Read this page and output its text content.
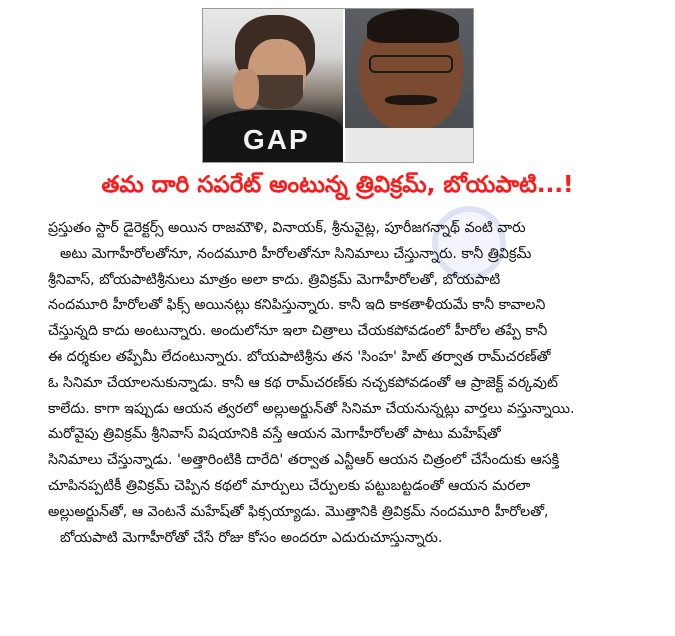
GAP
తమ దారి సపరేట్ అంటున్న త్రివిక్రమ్, బోయపాటి...!

ప్రస్తుతం స్టార్ డైరెక్టర్స్ అయిన రాజమౌళి, వినాయక్, శ్రీనువైట్ల, పూరీజగన్నాథ్ వంటి వారు
అటు మెగాహీరోలతోనూ, నందమూరి హీరోలతోనూ సినిమాలు చేస్తున్నారు. కానీ త్రివిక్రమ్
శ్రీనివాస్, బోయపాటిశ్రీనులు మాత్రం అలా కాదు. త్రివిక్రమ్ మెగాహీరోలతో, బోయపాటి
నందమూరి హీరోలతో ఫిక్స్ అయినట్లు కనిపిస్తున్నారు. కానీ ఇది కాకతాళీయమే కానీ కావాలని
చేస్తున్నది కాదు అంటున్నారు. అందులోనూ ఇలా చిత్రాలు చేయకపోవడంలో హీరోల తప్పే కానీ
ఈ దర్శకుల తప్పేమీ లేదంటున్నారు. బోయపాటిశ్రీను తన 'సింహ' హిట్ తర్వాత రామ్‌చరణ్‌తో
ఓ సినిమా చేయాలనుకున్నాడు. కానీ ఆ కథ రామ్‌చరణ్‌కు నచ్చకపోవడంతో ఆ ప్రాజెక్ట్ వర్కవుట్
కాలేదు. కాగా ఇప్పుడు ఆయన త్వరలో అల్లుఅర్జున్‌తో సినిమా చేయనున్నట్లు వార్తలు వస్తున్నాయి.
మరోవైపు త్రివిక్రమ్ శ్రీనివాస్ విషయానికి వస్తే ఆయన మెగాహీరోలతో పాటు మహేష్‌తో
సినిమాలు చేస్తున్నాడు. 'అత్తారింటికి దారేది' తర్వాత ఎన్టీఆర్ ఆయన చిత్రంలో చేసేందుకు ఆసక్తి
చూపినప్పటికీ త్రివిక్రమ్ చెప్పిన కథలో మార్పులు చేర్పులకు పట్టుబట్టడంతో ఆయన మరలా
అల్లుఅర్జున్‌తో, ఆ వెంటనే మహేష్‌తో ఫిక్సయ్యాడు. మొత్తానికి త్రివిక్రమ్ నందమూరి హీరోలతో,
బోయపాటి మెగాహీరోతో చేసే రోజు కోసం అందరూ ఎదురుచూస్తున్నారు.
